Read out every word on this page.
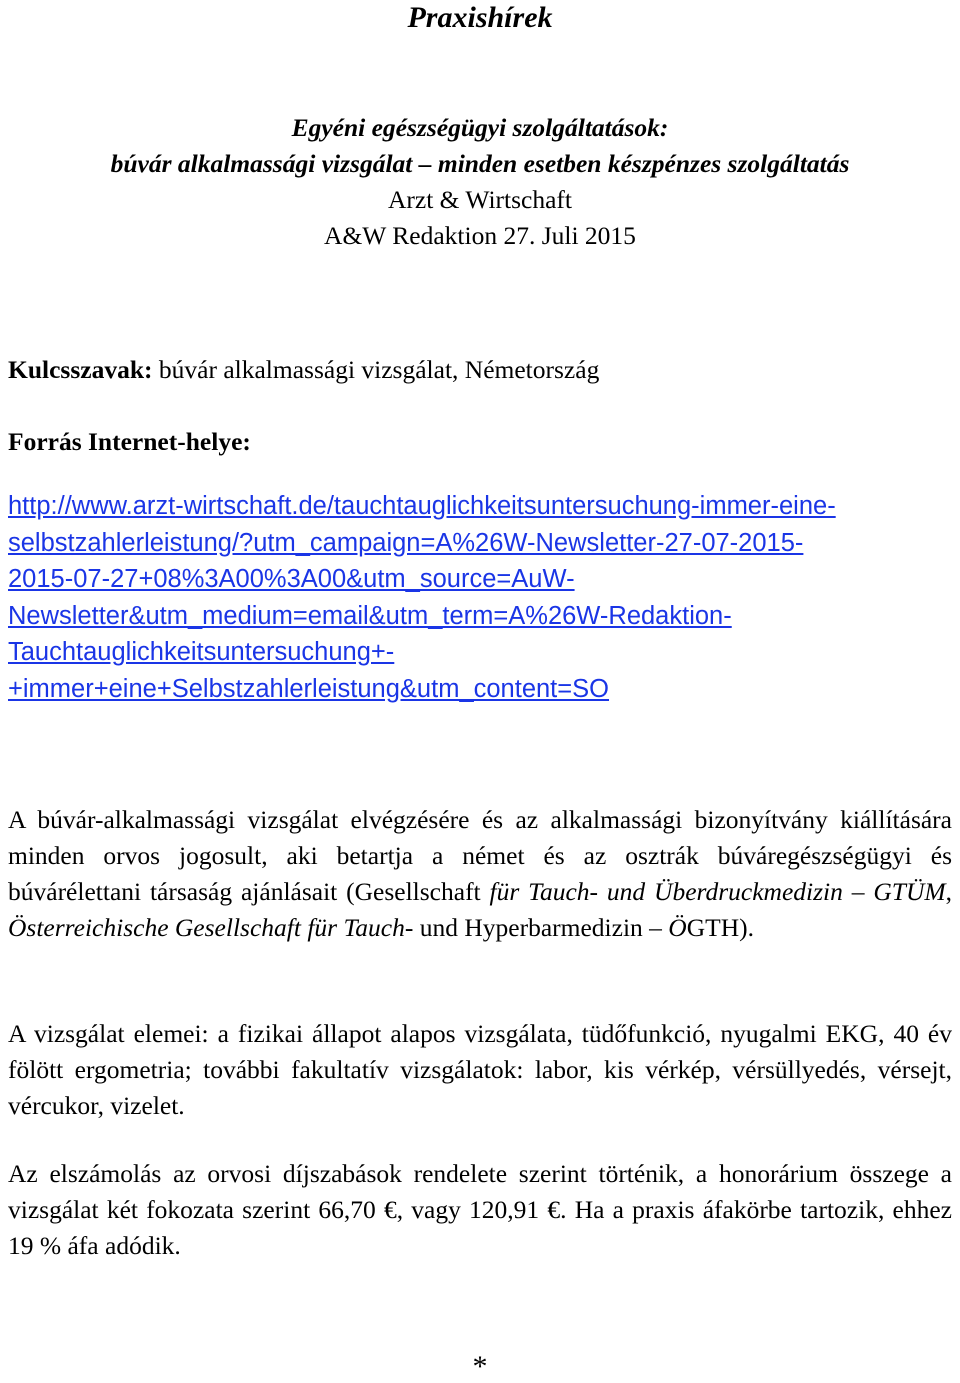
Praxishírek
Egyéni egészségügyi szolgáltatások:
búvár alkalmassági vizsgálat – minden esetben készpénzes szolgáltatás
Arzt & Wirtschaft
A&W Redaktion 27. Juli 2015
Kulcsszavak: búvár alkalmassági vizsgálat, Németország
Forrás Internet-helye:
http://www.arzt-wirtschaft.de/tauchtauglichkeitsuntersuchung-immer-eine-
selbstzahlerleistung/?utm_campaign=A%26W-Newsletter-27-07-2015-
2015-07-27+08%3A00%3A00&utm_source=AuW-
Newsletter&utm_medium=email&utm_term=A%26W-Redaktion-
Tauchtauglichkeitsuntersuchung+-
+immer+eine+Selbstzahlerleistung&utm_content=SO
A búvár-alkalmassági vizsgálat elvégzésére és az alkalmassági bizonyítvány kiállítására minden orvos jogosult, aki betartja a német és az osztrák búváregészségügyi és búvárélettani társaság ajánlásait (Gesellschaft für Tauch- und Überdruckmedizin – GTÜM, Österreichische Gesellschaft für Tauch- und Hyperbarmedizin – ÖGTH).
A vizsgálat elemei: a fizikai állapot alapos vizsgálata, tüdőfunkció, nyugalmi EKG, 40 év fölött ergometria; további fakultatív vizsgálatok: labor, kis vérkép, vérsüllyedés, vérsejt, vércukor, vizelet.
Az elszámolás az orvosi díjszabások rendelete szerint történik, a honorárium összege a vizsgálat két fokozata szerint 66,70 €, vagy 120,91 €. Ha a praxis áfakörbe tartozik, ehhez 19 % áfa adódik.
*
